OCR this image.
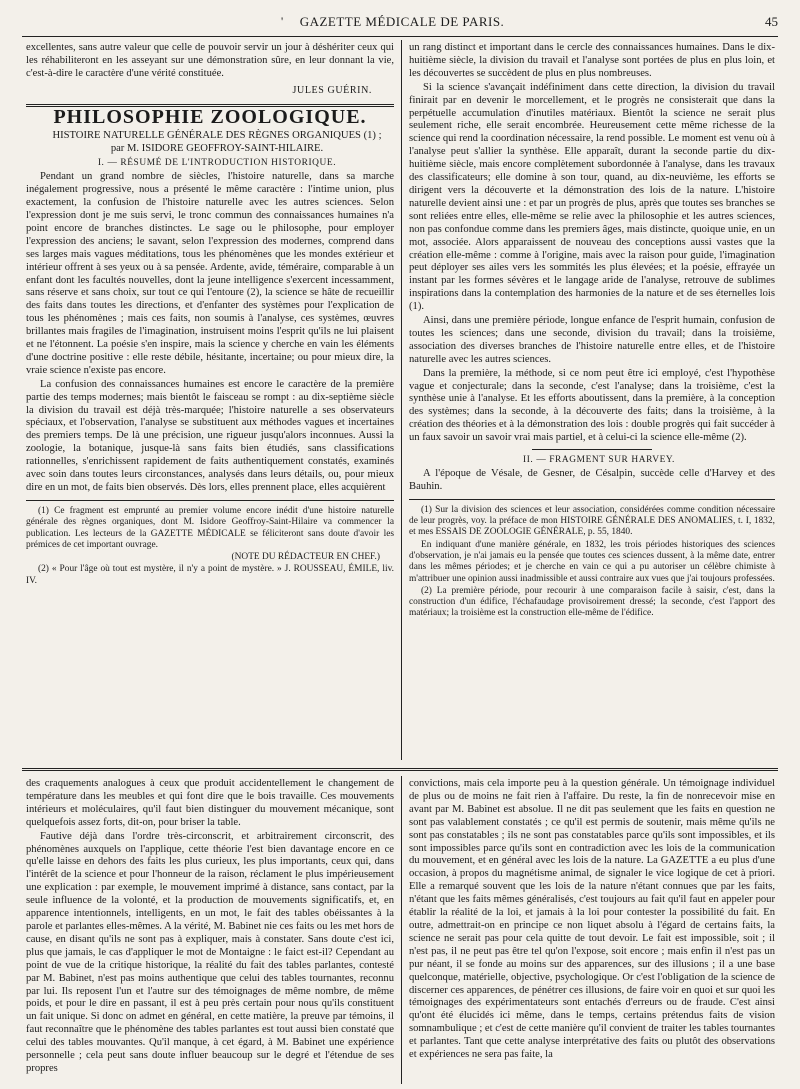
'	GAZETTE MÉDICALE DE PARIS.	45

excellentes, sans autre valeur que celle de pouvoir servir un jour à déshériter ceux qui les réhabiliteront en les asseyant sur une démonstration sûre, en leur donnant la vie, c'est-à-dire le caractère d'une vérité constituée.

JULES GUÉRIN.
PHILOSOPHIE ZOOLOGIQUE.

HISTOIRE NATURELLE GÉNÉRALE DES RÈGNES ORGANIQUES (1) ;

par M. ISIDORE GEOFFROY-SAINT-HILAIRE.

I. — RÉSUMÉ DE L'INTRODUCTION HISTORIQUE.

Pendant un grand nombre de siècles, l'histoire naturelle, dans sa marche inégalement progressive, nous a présenté le même caractère : l'intime union, plus exactement, la confusion de l'histoire naturelle avec les autres sciences. Selon l'expression dont je me suis servi, le tronc commun des connaissances humaines n'a point encore de branches distinctes. Le sage ou le philosophe, pour employer l'expression des anciens; le savant, selon l'expression des modernes, comprend dans ses larges mais vagues méditations, tous les phénomènes que les mondes extérieur et intérieur offrent à ses yeux ou à sa pensée. Ardente, avide, téméraire, comparable à un enfant dont les facultés nouvelles, dont la jeune intelligence s'exercent incessamment, sans réserve et sans choix, sur tout ce qui l'entoure (2), la science se hâte de recueillir des faits dans toutes les directions, et d'enfanter des systèmes pour l'explication de tous les phénomènes ; mais ces faits, non soumis à l'analyse, ces systèmes, œuvres brillantes mais fragiles de l'imagination, instruisent moins l'esprit qu'ils ne lui plaisent et ne l'étonnent. La poésie s'en inspire, mais la science y cherche en vain les éléments d'une doctrine positive : elle reste débile, hésitante, incertaine; ou pour mieux dire, la vraie science n'existe pas encore.

La confusion des connaissances humaines est encore le caractère de la première partie des temps modernes; mais bientôt le faisceau se rompt : au dix-septième siècle la division du travail est déjà très-marquée; l'histoire naturelle a ses observateurs spéciaux, et l'observation, l'analyse se substituent aux méthodes vagues et incertaines des premiers temps. De là une précision, une rigueur jusqu'alors inconnues. Aussi la zoologie, la botanique, jusque-là sans faits bien étudiés, sans classifications rationnelles, s'enrichissent rapidement de faits authentiquement constatés, examinés avec soin dans toutes leurs circonstances, analysés dans leurs détails, ou, pour mieux dire en un mot, de faits bien observés. Dès lors, elles prennent place, elles acquièrent

(1) Ce fragment est emprunté au premier volume encore inédit d'une histoire naturelle générale des règnes organiques, dont M. Isidore Geoffroy-Saint-Hilaire va commencer la publication. Les lecteurs de la GAZETTE MÉDICALE se féliciteront sans doute d'avoir les prémices de cet important ouvrage.

(NOTE DU RÉDACTEUR EN CHEF.)

(2) « Pour l'âge où tout est mystère, il n'y a point de mystère. » J. ROUSSEAU, ÉMILE, liv. IV.

un rang distinct et important dans le cercle des connaissances humaines. Dans le dix-huitième siècle, la division du travail et l'analyse sont portées de plus en plus loin, et les découvertes se succèdent de plus en plus nombreuses.

Si la science s'avançait indéfiniment dans cette direction, la division du travail finirait par en devenir le morcellement, et le progrès ne consisterait que dans la perpétuelle accumulation d'inutiles matériaux. Bientôt la science ne serait plus seulement riche, elle serait encombrée. Heureusement cette même richesse de la science qui rend la coordination nécessaire, la rend possible. Le moment est venu où à l'analyse peut s'allier la synthèse. Elle apparaît, durant la seconde partie du dix-huitième siècle, mais encore complètement subordonnée à l'analyse, dans les travaux des classificateurs; elle domine à son tour, quand, au dix-neuvième, les efforts se dirigent vers la découverte et la démonstration des lois de la nature. L'histoire naturelle devient ainsi une : et par un progrès de plus, après que toutes ses branches se sont reliées entre elles, elle-même se relie avec la philosophie et les autres sciences, non pas confondue comme dans les premiers âges, mais distincte, quoique unie, en un mot, associée. Alors apparaissent de nouveau des conceptions aussi vastes que la création elle-même : comme à l'origine, mais avec la raison pour guide, l'imagination peut déployer ses ailes vers les sommités les plus élevées; et la poésie, effrayée un instant par les formes sévères et le langage aride de l'analyse, retrouve de sublimes inspirations dans la contemplation des harmonies de la nature et de ses éternelles lois (1).

Ainsi, dans une première période, longue enfance de l'esprit humain, confusion de toutes les sciences; dans une seconde, division du travail; dans la troisième, association des diverses branches de l'histoire naturelle entre elles, et de l'histoire naturelle avec les autres sciences.

Dans la première, la méthode, si ce nom peut être ici employé, c'est l'hypothèse vague et conjecturale; dans la seconde, c'est l'analyse; dans la troisième, c'est la synthèse unie à l'analyse. Et les efforts aboutissent, dans la première, à la conception des systèmes; dans la seconde, à la découverte des faits; dans la troisième, à la création des théories et à la démonstration des lois : double progrès qui fait succéder à un faux savoir un savoir vrai mais partiel, et à celui-ci la science elle-même (2).

II. — FRAGMENT SUR HARVEY.

A l'époque de Vésale, de Gesner, de Césalpin, succède celle d'Harvey et des Bauhin.

(1) Sur la division des sciences et leur association, considérées comme condition nécessaire de leur progrès, voy. la préface de mon HISTOIRE GÉNÉRALE DES ANOMALIES, t. I, 1832, et mes ESSAIS DE ZOOLOGIE GÉNÉRALE, p. 55, 1840.

En indiquant d'une manière générale, en 1832, les trois périodes historiques des sciences d'observation, je n'ai jamais eu la pensée que toutes ces sciences dussent, à la même date, entrer dans les mêmes périodes; et je cherche en vain ce qui a pu autoriser un célèbre chimiste à m'attribuer une opinion aussi inadmissible et aussi contraire aux vues que j'ai toujours professées.

(2) La première période, pour recourir à une comparaison facile à saisir, c'est, dans la construction d'un édifice, l'échafaudage provisoirement dressé; la seconde, c'est l'apport des matériaux; la troisième est la construction elle-même de l'édifice.

des craquements analogues à ceux que produit accidentellement le changement de température dans les meubles et qui font dire que le bois travaille. Ces mouvements intérieurs et moléculaires, qu'il faut bien distinguer du mouvement mécanique, sont quelquefois assez forts, dit-on, pour briser la table.

Fautive déjà dans l'ordre très-circonscrit, et arbitrairement circonscrit, des phénomènes auxquels on l'applique, cette théorie l'est bien davantage encore en ce qu'elle laisse en dehors des faits les plus curieux, les plus importants, ceux qui, dans l'intérêt de la science et pour l'honneur de la raison, réclament le plus impérieusement une explication : par exemple, le mouvement imprimé à distance, sans contact, par la seule influence de la volonté, et la production de mouvements significatifs, et, en apparence intentionnels, intelligents, en un mot, le fait des tables obéissantes à la parole et parlantes elles-mêmes. A la vérité, M. Babinet nie ces faits ou les met hors de cause, en disant qu'ils ne sont pas à expliquer, mais à constater. Sans doute c'est ici, plus que jamais, le cas d'appliquer le mot de Montaigne : le faict est-il? Cependant au point de vue de la critique historique, la réalité du fait des tables parlantes, contesté par M. Babinet, n'est pas moins authentique que celui des tables tournantes, reconnu par lui. Ils reposent l'un et l'autre sur des témoignages de même nombre, de même poids, et pour le dire en passant, il est à peu près certain pour nous qu'ils constituent un fait unique. Si donc on admet en général, en cette matière, la preuve par témoins, il faut reconnaître que le phénomène des tables parlantes est tout aussi bien constaté que celui des tables mouvantes. Qu'il manque, à cet égard, à M. Babinet une expérience personnelle ; cela peut sans doute influer beaucoup sur le degré et l'étendue de ses propres

convictions, mais cela importe peu à la question générale. Un témoignage individuel de plus ou de moins ne fait rien à l'affaire. Du reste, la fin de nonrecevoir mise en avant par M. Babinet est absolue. Il ne dit pas seulement que les faits en question ne sont pas valablement constatés ; ce qu'il est permis de soutenir, mais même qu'ils ne sont pas constatables ; ils ne sont pas constatables parce qu'ils sont impossibles, et ils sont impossibles parce qu'ils sont en contradiction avec les lois de la communication du mouvement, et en général avec les lois de la nature. La GAZETTE a eu plus d'une occasion, à propos du magnétisme animal, de signaler le vice logique de cet à priori. Elle a remarqué souvent que les lois de la nature n'étant connues que par les faits, n'étant que les faits mêmes généralisés, c'est toujours au fait qu'il faut en appeler pour établir la réalité de la loi, et jamais à la loi pour contester la possibilité du fait. En outre, admettrait-on en principe ce non liquet absolu à l'égard de certains faits, la science ne serait pas pour cela quitte de tout devoir. Le fait est impossible, soit ; il n'est pas, il ne peut pas être tel qu'on l'expose, soit encore ; mais enfin il n'est pas un pur néant, il se fonde au moins sur des apparences, sur des illusions ; il a une base quelconque, matérielle, objective, psychologique. Or c'est l'obligation de la science de discerner ces apparences, de pénétrer ces illusions, de faire voir en quoi et sur quoi les témoignages des expérimentateurs sont entachés d'erreurs ou de fraude. C'est ainsi qu'ont été élucidés ici même, dans le temps, certains prétendus faits de vision somnambulique ; et c'est de cette manière qu'il convient de traiter les tables tournantes et parlantes. Tant que cette analyse interprétative des faits ou plutôt des observations et expériences ne sera pas faite, la
